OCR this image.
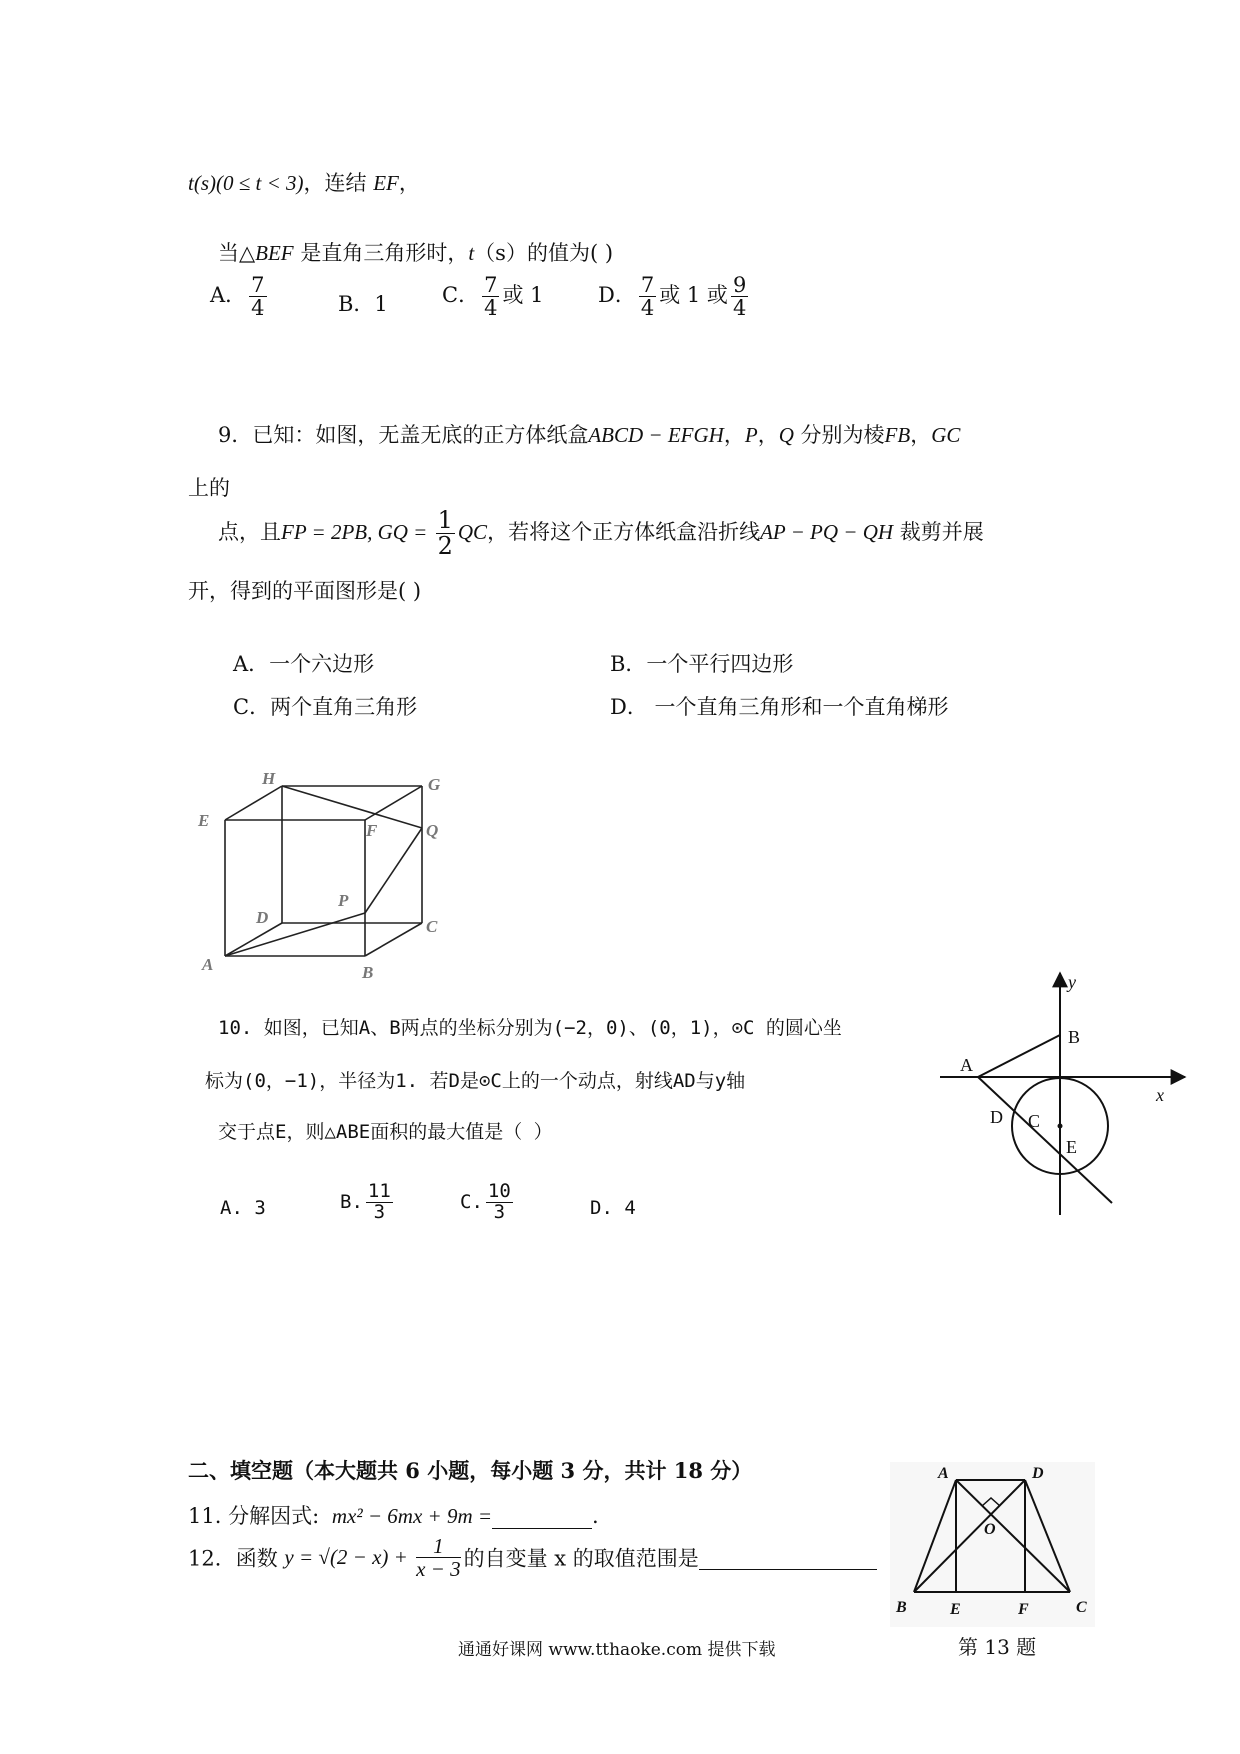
t(s)(0 ≤ t < 3)，连结 EF，
当△BEF 是直角三角形时，t（s）的值为( )
A． $\frac{7}{4}$	B．1	C． $\frac{7}{4}$ 或 1	D． $\frac{7}{4}$ 或 1 或 $\frac{9}{4}$
9．已知：如图，无盖无底的正方体纸盒ABCD − EFGH，P，Q 分别为棱FB，GC
上的
点，且FP = 2PB, GQ = $\frac{1}{2}$ QC，若将这个正方体纸盒沿折线AP − PQ − QH 裁剪并展
开，得到的平面图形是( )
A．一个六边形	B．一个平行四边形
C．两个直角三角形	D． 一个直角三角形和一个直角梯形
H	G
E
F	Q
P
D	C
A	B
10. 如图，已知A、B两点的坐标分别为(−2，0)、(0，1)，⊙C 的圆心坐
标为(0，−1)，半径为1. 若D是⊙C上的一个动点，射线AD与y轴
交于点E，则△ABE面积的最大值是（ ）
A. 3	B. $\frac{11}{3}$	C. $\frac{10}{3}$	D. 4
y
x
B
A
D C
E
二、填空题（本大题共 6 小题，每小题 3 分，共计 18 分）
11. 分解因式: mx² − 6mx + 9m =	.
12．函数 $y = √(2 - x) + \frac{1}{x - 3}$ 的自变量 x 的取值范围是
A	D
O
B	E	F	C
第 13 题
通通好课网 www.tthaoke.com 提供下载
